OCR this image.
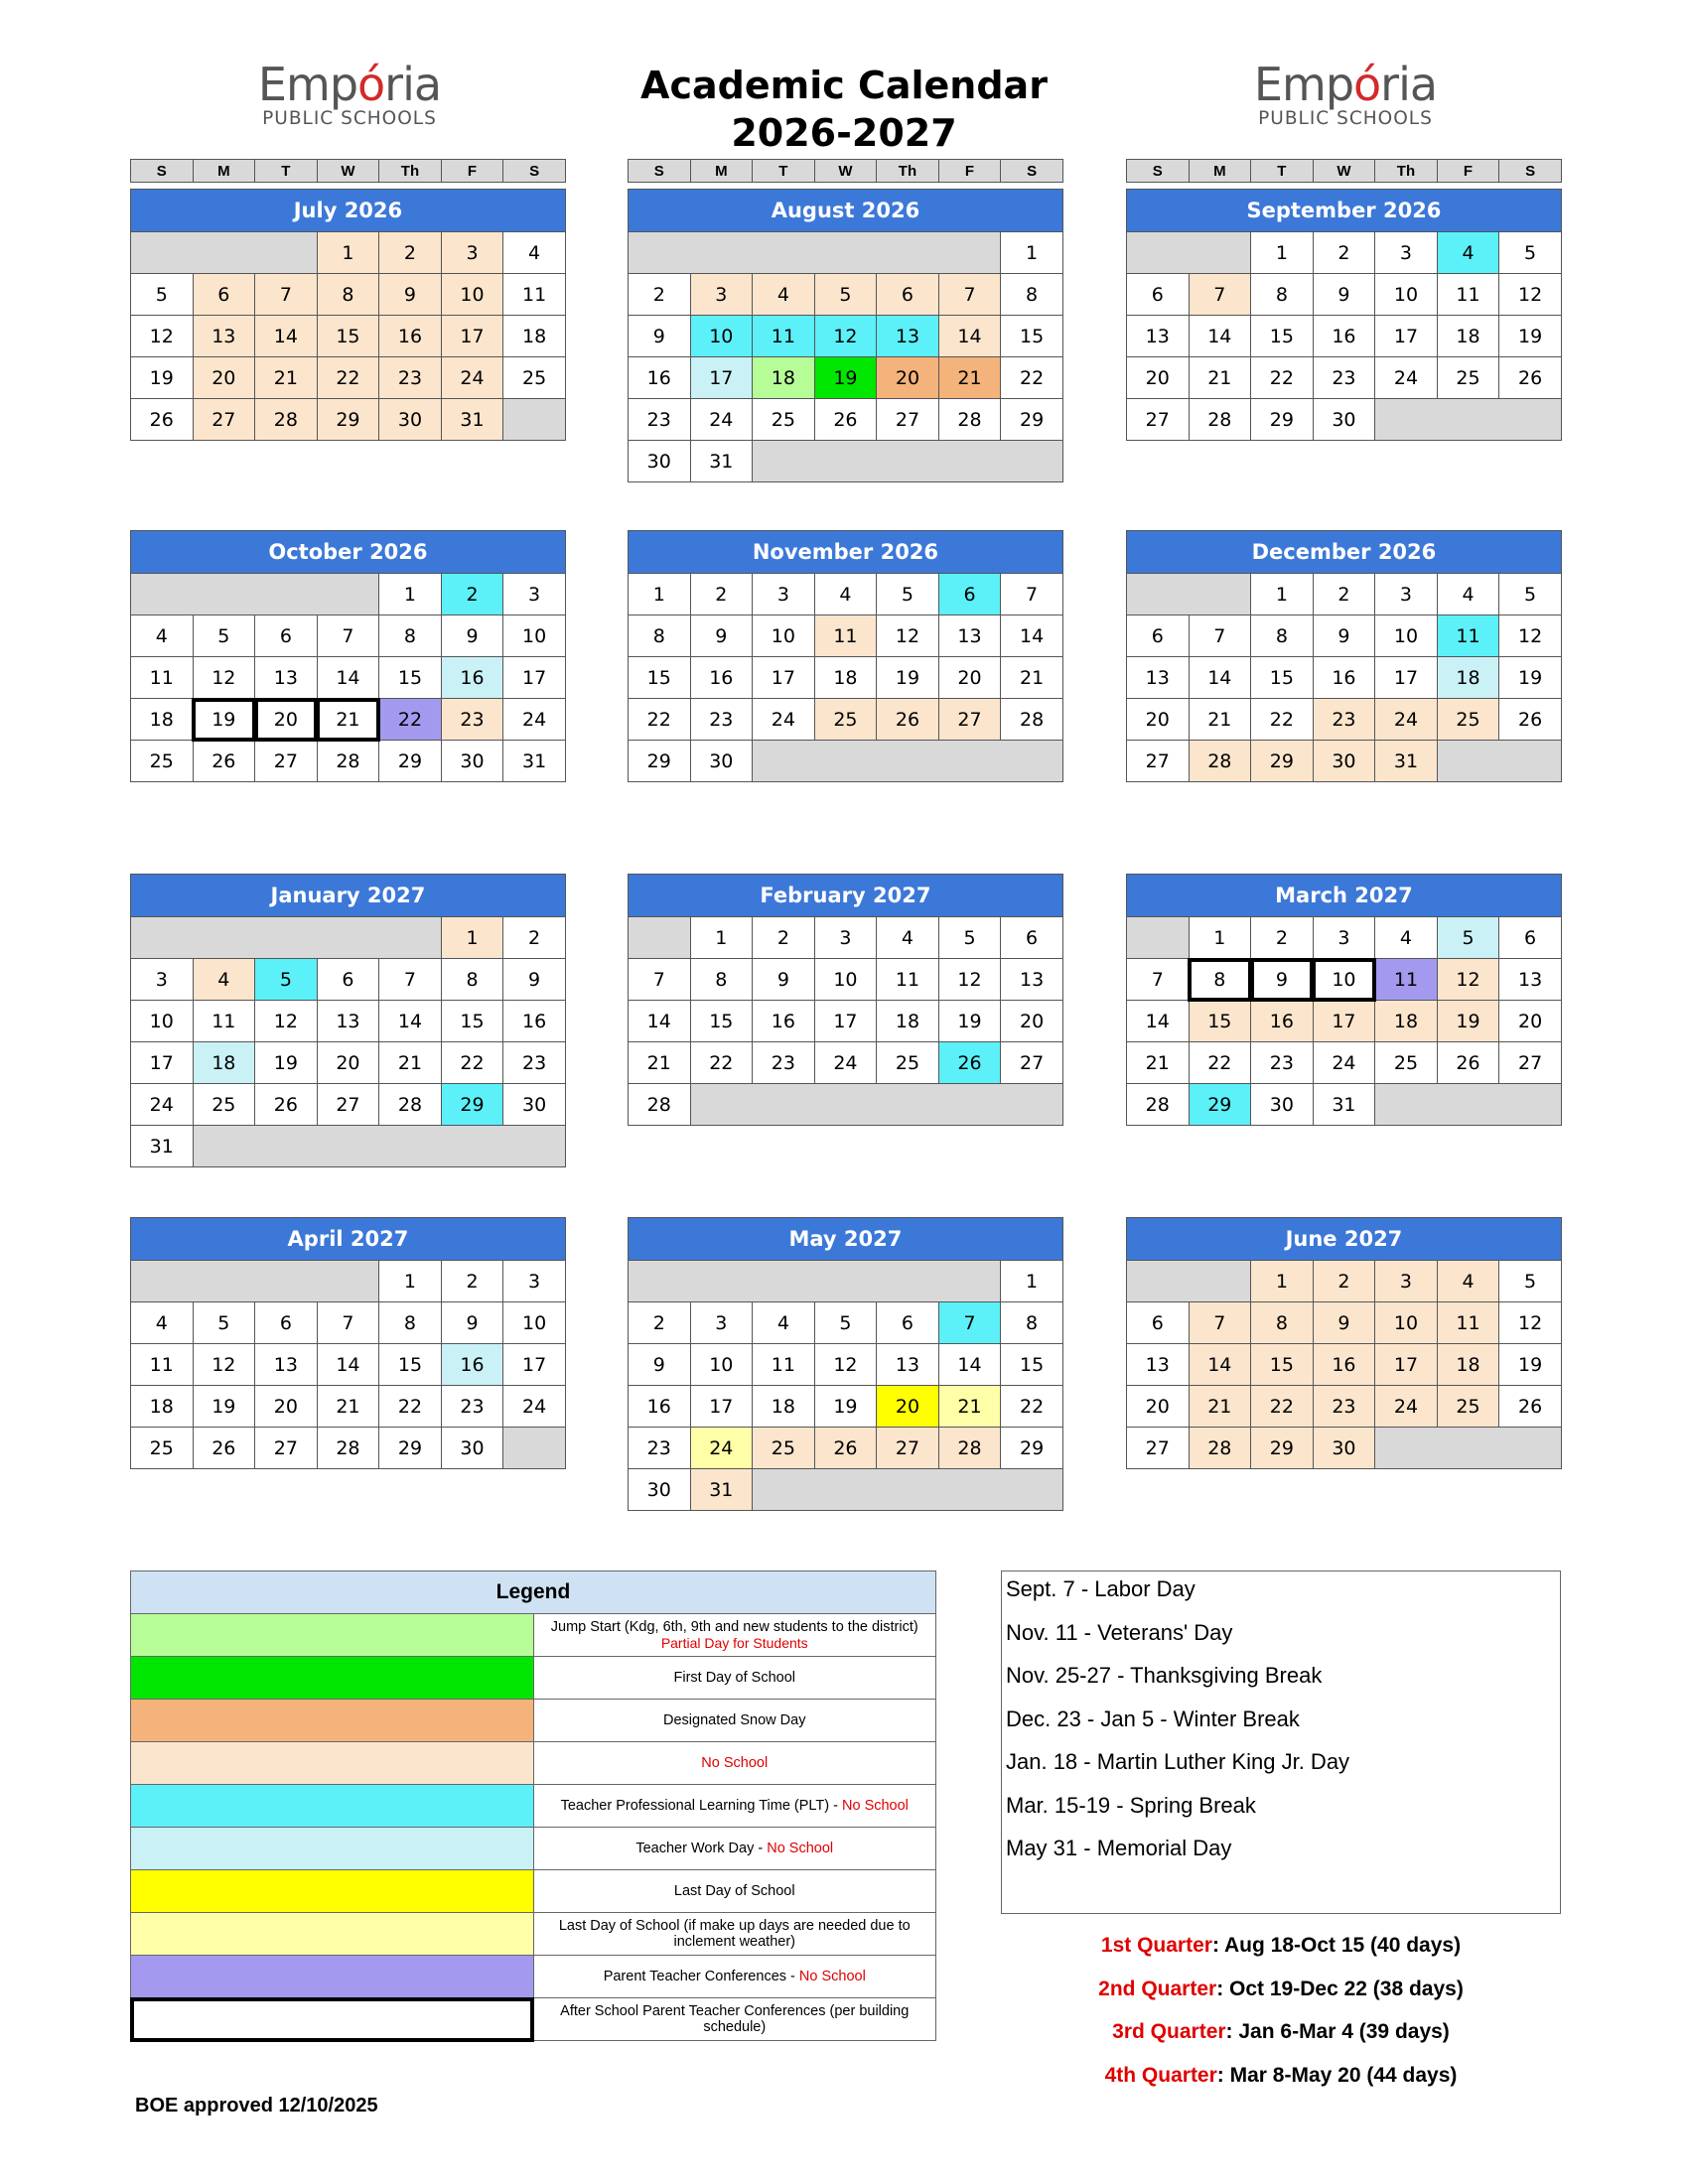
Empória
PUBLIC SCHOOLS
Academic Calendar
2026-2027
Empória
PUBLIC SCHOOLS
S	M	T	W	Th	F	S	S	M	T	W	Th	F	S	S	M	T	W	Th	F	S
July 2026						
			1	2	3	4
5	6	7	8	9	10	11
12	13	14	15	16	17	18
19	20	21	22	23	24	25
26	27	28	29	30	31	
August 2026						
						1
2	3	4	5	6	7	8
9	10	11	12	13	14	15
16	17	18	19	20	21	22
23	24	25	26	27	28	29
30	31					
September 2026						
		1	2	3	4	5
6	7	8	9	10	11	12
13	14	15	16	17	18	19
20	21	22	23	24	25	26
27	28	29	30			
October 2026						
				1	2	3
4	5	6	7	8	9	10
11	12	13	14	15	16	17
18	19	20	21	22	23	24
25	26	27	28	29	30	31
November 2026						
1	2	3	4	5	6	7
8	9	10	11	12	13	14
15	16	17	18	19	20	21
22	23	24	25	26	27	28
29	30					
December 2026						
		1	2	3	4	5
6	7	8	9	10	11	12
13	14	15	16	17	18	19
20	21	22	23	24	25	26
27	28	29	30	31		
January 2027						
					1	2
3	4	5	6	7	8	9
10	11	12	13	14	15	16
17	18	19	20	21	22	23
24	25	26	27	28	29	30
31						
February 2027						
	1	2	3	4	5	6
7	8	9	10	11	12	13
14	15	16	17	18	19	20
21	22	23	24	25	26	27
28						
March 2027						
	1	2	3	4	5	6
7	8	9	10	11	12	13
14	15	16	17	18	19	20
21	22	23	24	25	26	27
28	29	30	31			
April 2027						
				1	2	3
4	5	6	7	8	9	10
11	12	13	14	15	16	17
18	19	20	21	22	23	24
25	26	27	28	29	30	
May 2027						
						1
2	3	4	5	6	7	8
9	10	11	12	13	14	15
16	17	18	19	20	21	22
23	24	25	26	27	28	29
30	31					
June 2027						
		1	2	3	4	5
6	7	8	9	10	11	12
13	14	15	16	17	18	19
20	21	22	23	24	25	26
27	28	29	30			
Legend	
	Jump Start (Kdg, 6th, 9th and new students to the district)
Partial Day for Students

	First Day of School
	Designated Snow Day
	No School
	Teacher Professional Learning Time (PLT) - No School
	Teacher Work Day - No School
	Last Day of School
	Last Day of School (if make up days are needed due to inclement weather)
	Parent Teacher Conferences - No School
	After School Parent Teacher Conferences (per building schedule)
Sept. 7 - Labor Day
Nov. 11 - Veterans' Day
Nov. 25-27 - Thanksgiving Break
Dec. 23 - Jan 5 - Winter Break
Jan. 18 - Martin Luther King Jr. Day
Mar. 15-19 - Spring Break
May 31 - Memorial Day
1st Quarter: Aug 18-Oct 15 (40 days)
2nd Quarter: Oct 19-Dec 22 (38 days)
3rd Quarter: Jan 6-Mar 4 (39 days)
4th Quarter: Mar 8-May 20 (44 days)
BOE approved 12/10/2025
